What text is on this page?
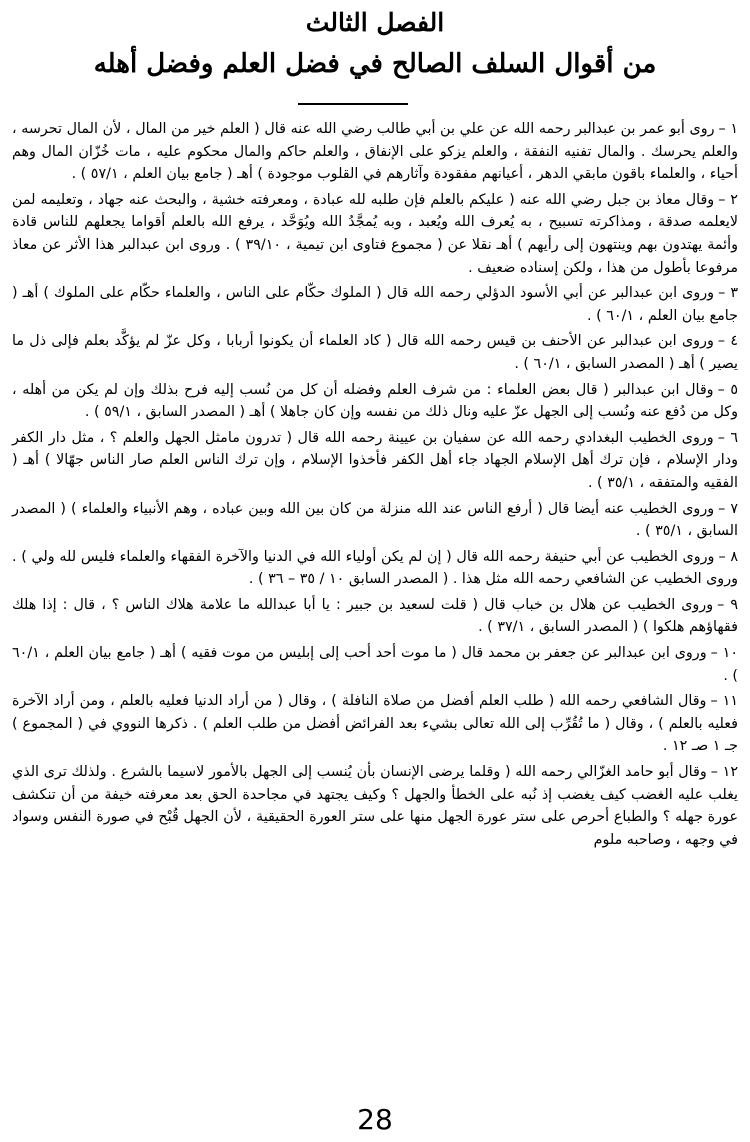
الفصل الثالث
من أقوال السلف الصالح في فضل العلم وفضل أهله

١ –روى أبو عمر بن عبدالبر رحمه الله عن علي بن أبي طالب رضي الله عنه قال ( العلم خير من المال ، لأن المال تحرسه ، والعلم يحرسك . والمال تفنيه النفقة ، والعلم يزكو على الإنفاق ، والعلم حاكم والمال محكوم عليه ، مات خُزّان المال وهم أحياء ، والعلماء باقون مابقي الدهر ، أعيانهم مفقودة وآثارهم في القلوب موجودة ) أهـ ( جامع بيان العلم ، ٥٧/١ ) .

٢ –وقال معاذ بن جبل رضي الله عنه ( عليكم بالعلم فإن طلبه لله عبادة ، ومعرفته خشية ، والبحث عنه جهاد ، وتعليمه لمن لايعلمه صدقة ، ومذاكرته تسبيح ، به يُعرف الله ويُعبد ، وبه يُمجَّدُ الله ويُوَحَّد ، يرفع الله بالعلم أقواما يجعلهم للناس قادة وأئمة يهتدون بهم وينتهون إلى رأيهم ) أهـ نقلا عن ( مجموع فتاوى ابن تيمية ، ٣٩/١٠ ) . وروى ابن عبدالبر هذا الأثر عن معاذ مرفوعا بأطول من هذا ، ولكن إسناده ضعيف .

٣ –وروى ابن عبدالبر عن أبي الأسود الدؤلي رحمه الله قال ( الملوك حكّام على الناس ، والعلماء حكّام على الملوك ) أهـ ( جامع بيان العلم ، ٦٠/١ ) .

٤ –وروى ابن عبدالبر عن الأحنف بن قيس رحمه الله قال ( كاد العلماء أن يكونوا أربابا ، وكل عزّ لم يؤكَّد بعلم فإلى ذل ما يصير ) أهـ ( المصدر السابق ، ٦٠/١ ) .

٥ –وقال ابن عبدالبر ( قال بعض العلماء : من شرف العلم وفضله أن كل من نُسب إليه فرح بذلك وإن لم يكن من أهله ، وكل من دُفع عنه ونُسب إلى الجهل عزّ عليه ونال ذلك من نفسه وإن كان جاهلا ) أهـ ( المصدر السابق ، ٥٩/١ ) .

٦ –وروى الخطيب البغدادي رحمه الله عن سفيان بن عيينة رحمه الله قال ( تدرون مامثل الجهل والعلم ؟ ، مثل دار الكفر ودار الإسلام ، فإن ترك أهل الإسلام الجهاد جاء أهل الكفر فأخذوا الإسلام ، وإن ترك الناس العلم صار الناس جهّالا ) أهـ ( الفقيه والمتفقه ، ٣٥/١ ) .

٧ –وروى الخطيب عنه أيضا قال ( أرفع الناس عند الله منزلة من كان بين الله وبين عباده ، وهم الأنبياء والعلماء ) ( المصدر السابق ، ٣٥/١ ) .

٨ –وروى الخطيب عن أبي حنيفة رحمه الله قال ( إن لم يكن أولياء الله في الدنيا والآخرة الفقهاء والعلماء فليس لله ولي ) . وروى الخطيب عن الشافعي رحمه الله مثل هذا . ( المصدر السابق ١٠ / ٣٥ – ٣٦ ) .

٩ –وروى الخطيب عن هلال بن خباب قال ( قلت لسعيد بن جبير : يا أبا عبدالله ما علامة هلاك الناس ؟ ، قال : إذا هلك فقهاؤهم هلكوا ) ( المصدر السابق ، ٣٧/١ ) .

١٠ –وروى ابن عبدالبر عن جعفر بن محمد قال ( ما موت أحد أحب إلى إبليس من موت فقيه ) أهـ ( جامع بيان العلم ، ٦٠/١ ) .

١١ –وقال الشافعي رحمه الله ( طلب العلم أفضل من صلاة النافلة ) ، وقال ( من أراد الدنيا فعليه بالعلم ، ومن أراد الآخرة فعليه بالعلم ) ، وقال ( ما تُقُرِّب إلى الله تعالى بشيء بعد الفرائض أفضل من طلب العلم ) . ذكرها النووي في ( المجموع ) جـ ١ صـ ١٢ .

١٢ –وقال أبو حامد الغزّالي رحمه الله ( وقلما يرضى الإنسان بأن يُنسب إلى الجهل بالأمور لاسيما بالشرع . ولذلك ترى الذي يغلب عليه الغضب كيف يغضب إذ نُبه على الخطأ والجهل ؟ وكيف يجتهد في مجاحدة الحق بعد معرفته خيفة من أن تنكشف عورة جهله ؟ والطباع أحرص على ستر عورة الجهل منها على ستر العورة الحقيقية ، لأن الجهل قُبْح في صورة النفس وسواد في وجهه ، وصاحبه ملوم

28
